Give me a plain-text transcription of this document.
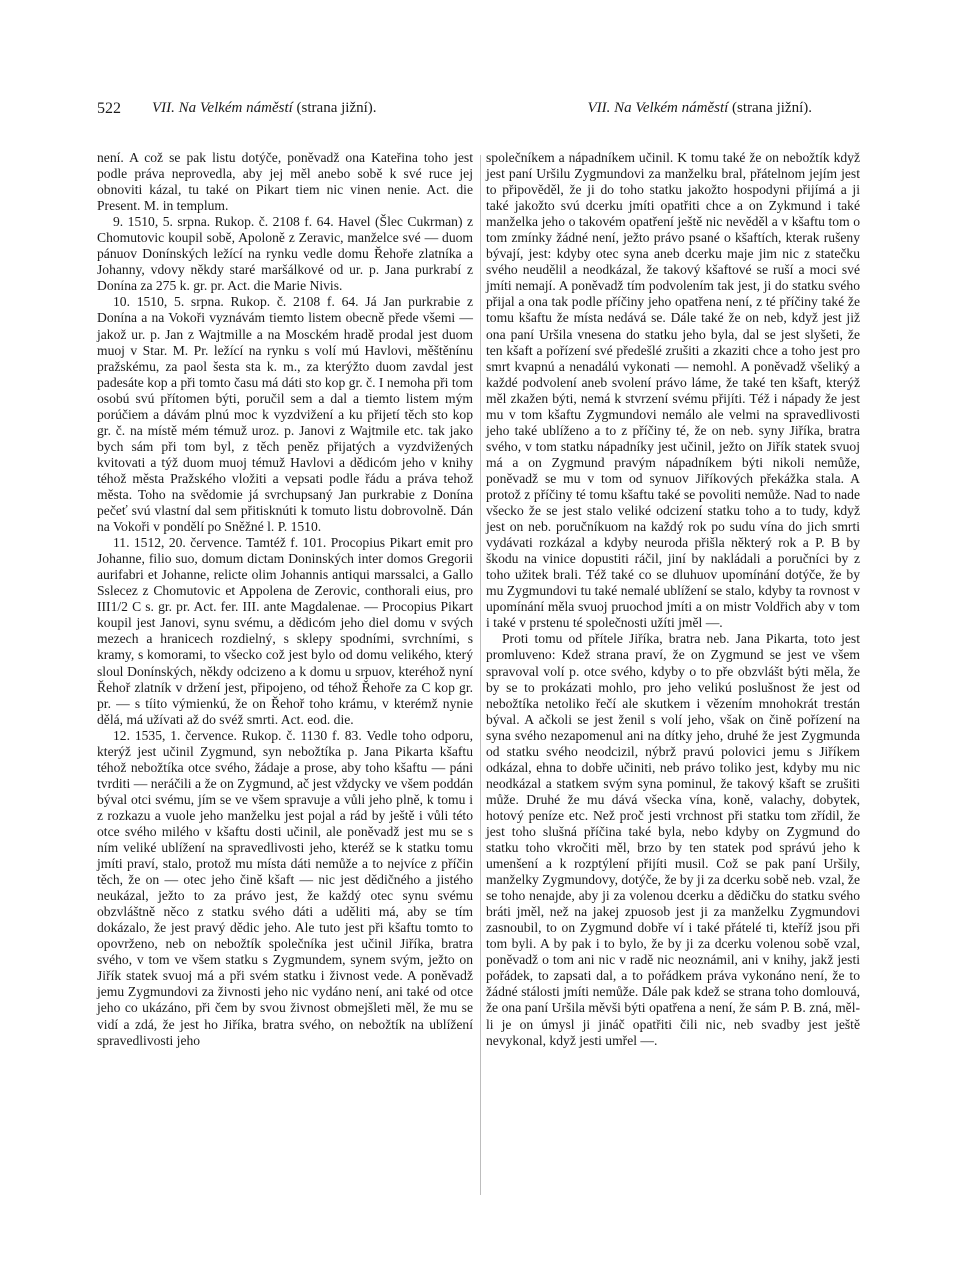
522 VII. Na Velkém náměstí (strana jižní).	VII. Na Velkém náměstí (strana jižní).

není. A což se pak listu dotýče, poněvadž ona Kateřina toho jest podle práva neprovedla, aby jej měl anebo sobě k své ruce jej obnoviti kázal, tu také on Pikart tiem nic vinen nenie. Act. die Present. M. in templum.

9. 1510, 5. srpna. Rukop. č. 2108 f. 64. Havel (Šlec Cukrman) z Chomutovic koupil sobě, Apoloně z Zeravic, manželce své — duom pánuov Donínských ležící na rynku vedle domu Řehoře zlatníka a Johanny, vdovy někdy staré maršálkové od ur. p. Jana purkrabí z Donína za 275 k. gr. pr. Act. die Marie Nivis.

10. 1510, 5. srpna. Rukop. č. 2108 f. 64. Já Jan purkrabie z Donína a na Vokoři vyznávám tiemto listem obecně přede všemi — jakož ur. p. Jan z Wajtmille a na Mosckém hradě prodal jest duom muoj v Star. M. Pr. ležící na rynku s volí mú Havlovi, měštěnínu pražskému, za paol šesta sta k. m., za kterýžto duom zavdal jest padesáte kop a při tomto času má dáti sto kop gr. č. I nemoha při tom osobú svú přítomen býti, poručil sem a dal a tiemto listem mým porúčiem a dávám plnú moc k vyzdvižení a ku přijetí těch sto kop gr. č. na místě mém témuž uroz. p. Janovi z Wajtmile etc. tak jako bych sám při tom byl, z těch peněz přijatých a vyzdvižených kvitovati a týž duom muoj témuž Havlovi a dědicóm jeho v knihy téhož města Pražského vložiti a vepsati podle řádu a práva tehož města. Toho na svědomie já svrchupsaný Jan purkrabie z Donína pečeť svú vlastní dal sem přitisknúti k tomuto listu dobrovolně. Dán na Vokoři v pondělí po Sněžné l. P. 1510.

11. 1512, 20. července. Tamtéž f. 101. Procopius Pikart emit pro Johanne, filio suo, domum dictam Doninských inter domos Gregorii aurifabri et Johanne, relicte olim Johannis antiqui marssalci, a Gallo Sslecez z Chomutovic et Appolena de Zerovic, conthorali eius, pro III1/2 C s. gr. pr. Act. fer. III. ante Magdalenae. — Procopius Pikart koupil jest Janovi, synu svému, a dědicóm jeho diel domu v svých mezech a hranicech rozdielný, s sklepy spodními, svrchními, s kramy, s komorami, to všecko což jest bylo od domu velikého, který sloul Donínských, někdy odcizeno a k domu u srpuov, kteréhož nyní Řehoř zlatník v držení jest, připojeno, od téhož Řehoře za C kop gr. pr. — s tíito výmienkú, že on Řehoř toho krámu, v kterémž nynie dělá, má užívati až do svéž smrti. Act. eod. die.

12. 1535, 1. července. Rukop. č. 1130 f. 83. Vedle toho odporu, kterýž jest učinil Zygmund, syn nebožtíka p. Jana Pikarta kšaftu téhož nebožtíka otce svého, žádaje a prose, aby toho kšaftu — páni tvrditi — neráčili a že on Zygmund, ač jest vždycky ve všem poddán býval otci svému, jím se ve všem spravuje a vůli jeho plně, k tomu i z rozkazu a vuole jeho manželku jest pojal a rád by ještě i vůli této otce svého milého v kšaftu dosti učinil, ale poněvadž jest mu se s ním veliké ublížení na spravedlivosti jeho, kteréž se k statku tomu jmíti praví, stalo, protož mu místa dáti nemůže a to nejvíce z příčin těch, že on — otec jeho čině kšaft — nic jest dědičného a jistého neukázal, ježto to za právo jest, že každý otec synu svému obzvláštně něco z statku svého dáti a uděliti má, aby se tím dokázalo, že jest pravý dědic jeho. Ale tuto jest při kšaftu tomto to opovrženo, neb on nebožtík společníka jest učinil Jiříka, bratra svého, v tom ve všem statku s Zygmundem, synem svým, ježto on Jiřík statek svuoj má a při svém statku i živnost vede. A poněvadž jemu Zygmundovi za živnosti jeho nic vydáno není, ani také od otce jeho co ukázáno, při čem by svou živnost obmejšleti měl, že mu se vidí a zdá, že jest ho Jiříka, bratra svého, on nebožtík na ublížení spravedlivosti jeho

společníkem a nápadníkem učinil. K tomu také že on nebožtík když jest paní Uršilu Zygmundovi za manželku bral, přátelnom jejím jest to připověděl, že ji do toho statku jakožto hospodyni přijímá a ji také jakožto svú dcerku jmíti opatřiti chce a on Zykmund i také manželka jeho o takovém opatření ještě nic nevěděl a v kšaftu tom o tom zmínky žádné není, ježto právo psané o kšaftích, kterak rušeny bývají, jest: kdyby otec syna aneb dcerku maje jim nic z statečku svého neudělil a neodkázal, že takový kšaftové se ruší a moci své jmíti nemají. A poněvadž tím podvolením tak jest, ji do statku svého přijal a ona tak podle příčiny jeho opatřena není, z té příčiny také že tomu kšaftu že místa nedává se. Dále také že on neb, když jest již ona paní Uršila vnesena do statku jeho byla, dal se jest slyšeti, že ten kšaft a pořízení své předešlé zrušiti a zkaziti chce a toho jest pro smrt kvapnú a nenadálú vykonati — nemohl. A poněvadž všeliký a každé podvolení aneb svolení právo láme, že také ten kšaft, kterýž měl zkažen býti, nemá k stvrzení svému přijíti. Též i nápady že jest mu v tom kšaftu Zygmundovi nemálo ale velmi na spravedlivosti jeho také ublíženo a to z příčiny té, že on neb. syny Jiříka, bratra svého, v tom statku nápadníky jest učinil, ježto on Jiřík statek svuoj má a on Zygmund pravým nápadníkem býti nikoli nemůže, poněvadž se mu v tom od synuov Jiříkových překážka stala. A protož z příčiny té tomu kšaftu také se povoliti nemůže. Nad to nade všecko že se jest stalo veliké odcizení statku toho a to tudy, když jest on neb. poručníkuom na každý rok po sudu vína do jich smrti vydávati rozkázal a kdyby neuroda přišla některý rok a P. B by škodu na vinice dopustiti ráčil, jiní by nakládali a poručníci by z toho užitek brali. Též také co se dluhuov upomínání dotýče, že by mu Zygmundovi tu také nemalé ublížení se stalo, kdyby ta rovnost v upomínání měla svuoj pruochod jmíti a on mistr Voldřich aby v tom i také v prstenu té společnosti užíti jměl —.

Proti tomu od přítele Jiříka, bratra neb. Jana Pikarta, toto jest promluveno: Kdež strana praví, že on Zygmund se jest ve všem spravoval volí p. otce svého, kdyby o to pře obzvlášt býti měla, že by se to prokázati mohlo, pro jeho velikú poslušnost že jest od nebožtíka netoliko řečí ale skutkem i vězením mnohokrát trestán býval. A ačkoli se jest ženil s volí jeho, však on čině pořízení na syna svého nezapomenul ani na dítky jeho, druhé že jest Zygmunda od statku svého neodcizil, nýbrž pravú polovici jemu s Jiříkem odkázal, ehna to dobře učiniti, neb právo toliko jest, kdyby mu nic neodkázal a statkem svým syna pominul, že takový kšaft se zrušiti může. Druhé že mu dává všecka vína, koně, valachy, dobytek, hotový peníze etc. Než proč jesti vrchnost při statku tom zřídil, že jest toho slušná příčina také byla, nebo kdyby on Zygmund do statku toho vkročiti měl, brzo by ten statek pod správú jeho k umenšení a k rozptýlení přijíti musil. Což se pak paní Uršily, manželky Zygmundovy, dotýče, že by ji za dcerku sobě neb. vzal, že se toho nenajde, aby ji za volenou dcerku a dědičku do statku svého bráti jměl, než na jakej zpuosob jest ji za manželku Zygmundovi zasnoubil, to on Zygmund dobře ví i také přátelé ti, kteříž jsou při tom byli. A by pak i to bylo, že by ji za dcerku volenou sobě vzal, poněvadž o tom ani nic v radě nic neoznámil, ani v knihy, jakž jesti pořádek, to zapsati dal, a to pořádkem práva vykonáno není, že to žádné stálosti jmíti nemůže. Dále pak kdež se strana toho domlouvá, že ona paní Uršila měvši býti opatřena a není, že sám P. B. zná, měl-li je on úmysl ji jináč opatřiti čili nic, neb svadby jest ještě nevykonal, když jesti umřel —.
